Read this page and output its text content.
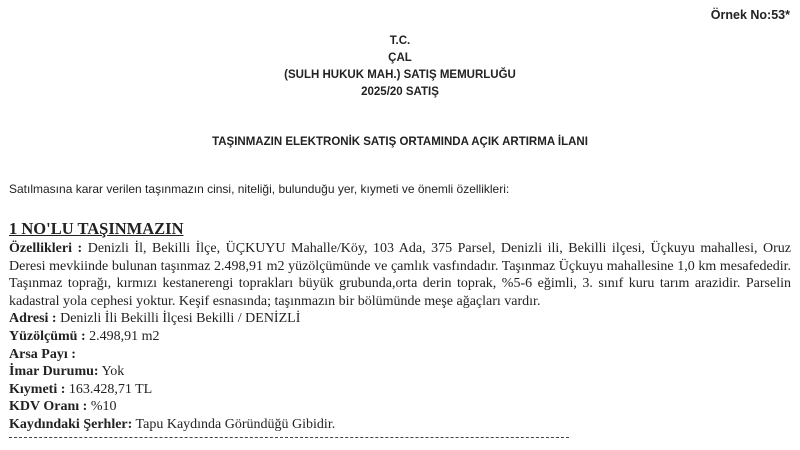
Örnek No:53*
T.C.
ÇAL
(SULH HUKUK MAH.) SATIŞ MEMURLUĞU
2025/20 SATIŞ
TAŞINMAZIN ELEKTRONİK SATIŞ ORTAMINDA AÇIK ARTIRMA İLANI
Satılmasına karar verilen taşınmazın cinsi, niteliği, bulunduğu yer, kıymeti ve önemli özellikleri:
1 NO'LU TAŞINMAZIN
Özellikleri : Denizli İl, Bekilli İlçe, ÜÇKUYU Mahalle/Köy, 103 Ada, 375 Parsel, Denizli ili, Bekilli ilçesi, Üçkuyu mahallesi, Oruz Deresi mevkiinde bulunan taşınmaz 2.498,91 m2 yüzölçümünde ve çamlık vasfındadır. Taşınmaz Üçkuyu mahallesine 1,0 km mesafededir. Taşınmaz toprağı, kırmızı kestanerengi toprakları büyük grubunda,orta derin toprak, %5-6 eğimli, 3. sınıf kuru tarım arazidir. Parselin kadastral yola cephesi yoktur. Keşif esnasında; taşınmazın bir bölümünde meşe ağaçları vardır.
Adresi : Denizli İli Bekilli İlçesi Bekilli / DENİZLİ
Yüzölçümü : 2.498,91 m2
Arsa Payı :
İmar Durumu: Yok
Kıymeti : 163.428,71 TL
KDV Oranı : %10
Kaydındaki Şerhler: Tapu Kaydında Göründüğü Gibidir.
